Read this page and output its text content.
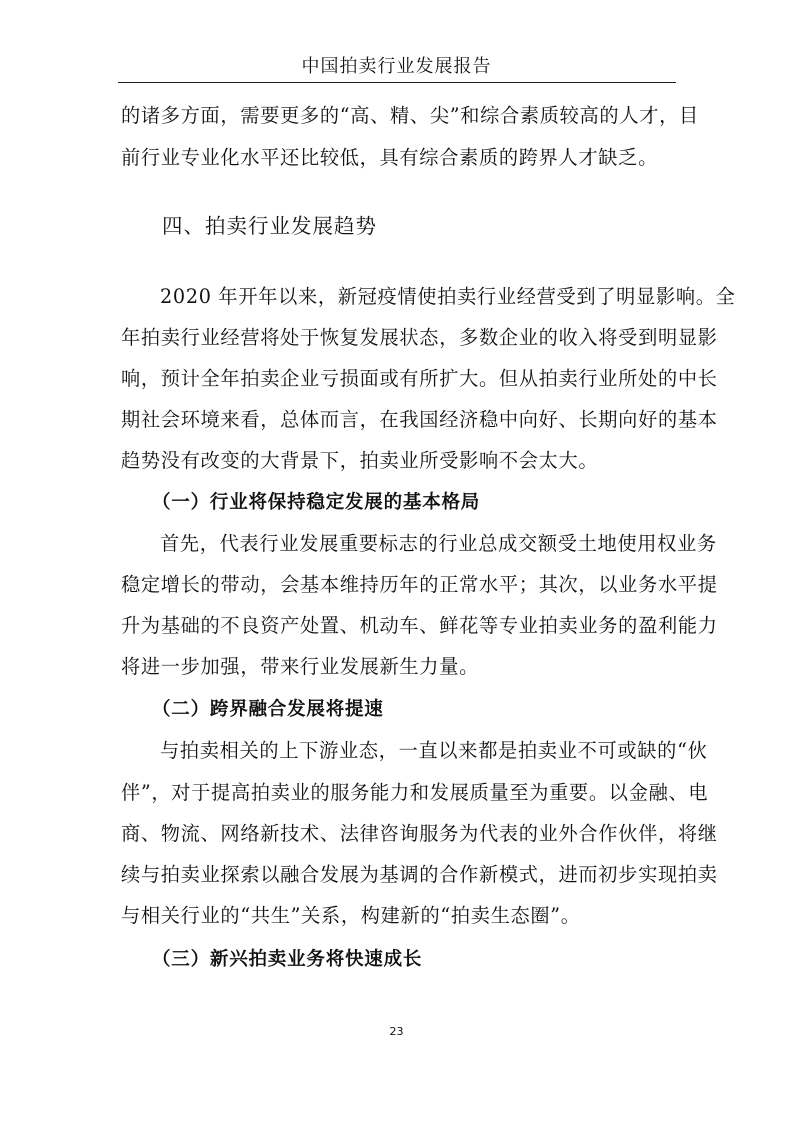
中国拍卖行业发展报告
的诸多方面，需要更多的“高、精、尖”和综合素质较高的人才，目
前行业专业化水平还比较低，具有综合素质的跨界人才缺乏。
四、拍卖行业发展趋势
2020 年开年以来，新冠疫情使拍卖行业经营受到了明显影响。全
年拍卖行业经营将处于恢复发展状态，多数企业的收入将受到明显影
响，预计全年拍卖企业亏损面或有所扩大。但从拍卖行业所处的中长
期社会环境来看，总体而言，在我国经济稳中向好、长期向好的基本
趋势没有改变的大背景下，拍卖业所受影响不会太大。
（一）行业将保持稳定发展的基本格局
首先，代表行业发展重要标志的行业总成交额受土地使用权业务
稳定增长的带动，会基本维持历年的正常水平；其次，以业务水平提
升为基础的不良资产处置、机动车、鲜花等专业拍卖业务的盈利能力
将进一步加强，带来行业发展新生力量。
（二）跨界融合发展将提速
与拍卖相关的上下游业态，一直以来都是拍卖业不可或缺的“伙
伴”，对于提高拍卖业的服务能力和发展质量至为重要。以金融、电
商、物流、网络新技术、法律咨询服务为代表的业外合作伙伴，将继
续与拍卖业探索以融合发展为基调的合作新模式，进而初步实现拍卖
与相关行业的“共生”关系，构建新的“拍卖生态圈”。
（三）新兴拍卖业务将快速成长
23
